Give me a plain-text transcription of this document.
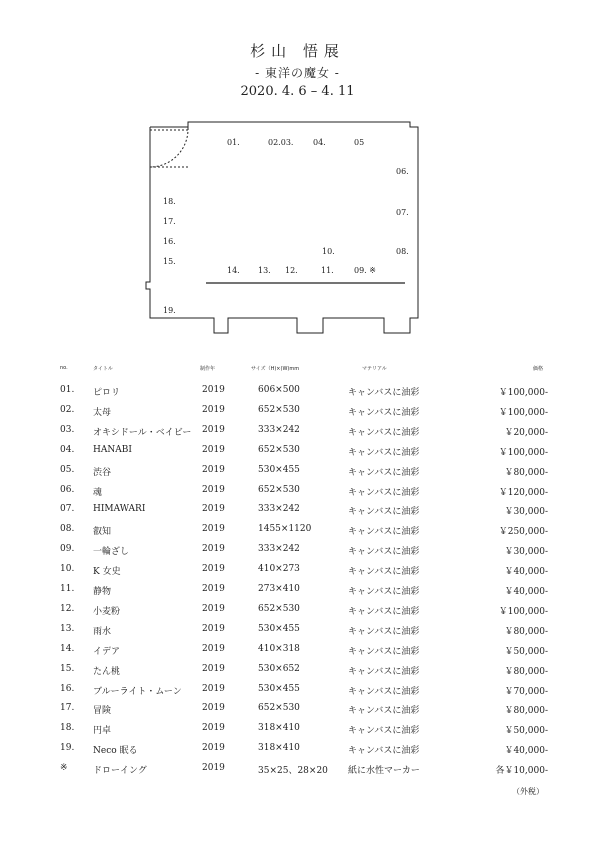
杉山 悟展
- 東洋の魔女 -
2020. 4. 6 – 4. 11
01.	02.03. 04.	05
06.
07.
08.
18.
17.
16.
15.
10.
14. 13. 12.	11.	09. ※
19.
no.	タイトル	制作年	サイズ（H)×(W)mm	マテリアル	価格
01. ピロリ	2019	606×500	キャンバスに油彩	￥100,000-
02. 太母	2019	652×530	キャンバスに油彩	￥100,000-
03. オキシドール・ベイビー 2019	333×242	キャンバスに油彩	￥20,000-
04. HANABI	2019	652×530	キャンバスに油彩	￥100,000-
05. 渋谷	2019	530×455	キャンバスに油彩	￥80,000-
06. 魂	2019	652×530	キャンバスに油彩	￥120,000-
07. HIMAWARI	2019	333×242	キャンバスに油彩	￥30,000-
08. 叡知	2019	1455×1120	キャンバスに油彩	￥250,000-
09. 一輪ざし	2019	333×242	キャンバスに油彩	￥30,000-
10. K 女史	2019	410×273	キャンバスに油彩	￥40,000-
11. 静物	2019	273×410	キャンバスに油彩	￥40,000-
12. 小麦粉	2019	652×530	キャンバスに油彩	￥100,000-
13. 雨水	2019	530×455	キャンバスに油彩	￥80,000-
14. イデア	2019	410×318	キャンバスに油彩	￥50,000-
15. たん桃	2019	530×652	キャンバスに油彩	￥80,000-
16. ブルーライト・ムーン 2019	530×455	キャンバスに油彩	￥70,000-
17. 冒険	2019	652×530	キャンバスに油彩	￥80,000-
18. 円卓	2019	318×410	キャンバスに油彩	￥50,000-
19. Neco 眠る	2019	318×410	キャンバスに油彩	￥40,000-
※	ドローイング	2019	35×25、28×20 紙に水性マーカー	各￥10,000-
（外税）
